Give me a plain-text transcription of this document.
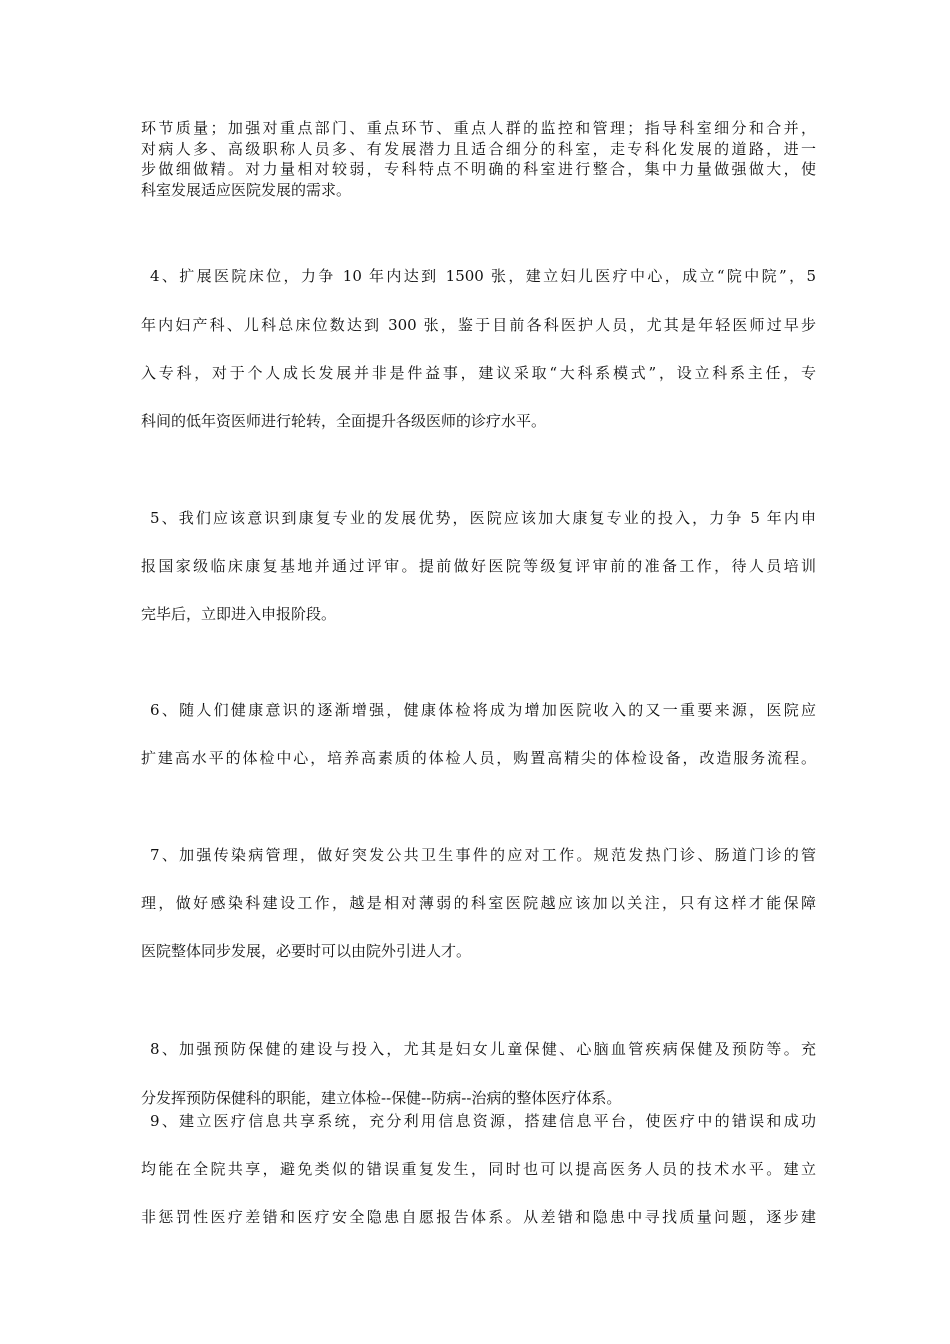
环节质量；加强对重点部门、重点环节、重点人群的监控和管理；指导科室细分和合并，
对病人多、高级职称人员多、有发展潜力且适合细分的科室，走专科化发展的道路，进一
步做细做精。对力量相对较弱，专科特点不明确的科室进行整合，集中力量做强做大，使
科室发展适应医院发展的需求。
4、扩展医院床位，力争 10 年内达到 1500 张，建立妇儿医疗中心，成立“院中院”，5
年内妇产科、儿科总床位数达到 300 张，鉴于目前各科医护人员，尤其是年轻医师过早步
入专科，对于个人成长发展并非是件益事，建议采取“大科系模式”，设立科系主任，专
科间的低年资医师进行轮转，全面提升各级医师的诊疗水平。
5、我们应该意识到康复专业的发展优势，医院应该加大康复专业的投入，力争 5 年内申
报国家级临床康复基地并通过评审。提前做好医院等级复评审前的准备工作，待人员培训
完毕后，立即进入申报阶段。
6、随人们健康意识的逐渐增强，健康体检将成为增加医院收入的又一重要来源，医院应
扩建高水平的体检中心，培养高素质的体检人员，购置高精尖的体检设备，改造服务流程。
7、加强传染病管理，做好突发公共卫生事件的应对工作。规范发热门诊、肠道门诊的管
理，做好感染科建设工作，越是相对薄弱的科室医院越应该加以关注，只有这样才能保障
医院整体同步发展，必要时可以由院外引进人才。
8、加强预防保健的建设与投入，尤其是妇女儿童保健、心脑血管疾病保健及预防等。充
分发挥预防保健科的职能，建立体检--保健--防病--治病的整体医疗体系。
9、建立医疗信息共享系统，充分利用信息资源，搭建信息平台，使医疗中的错误和成功
均能在全院共享，避免类似的错误重复发生，同时也可以提高医务人员的技术水平。建立
非惩罚性医疗差错和医疗安全隐患自愿报告体系。从差错和隐患中寻找质量问题，逐步建
